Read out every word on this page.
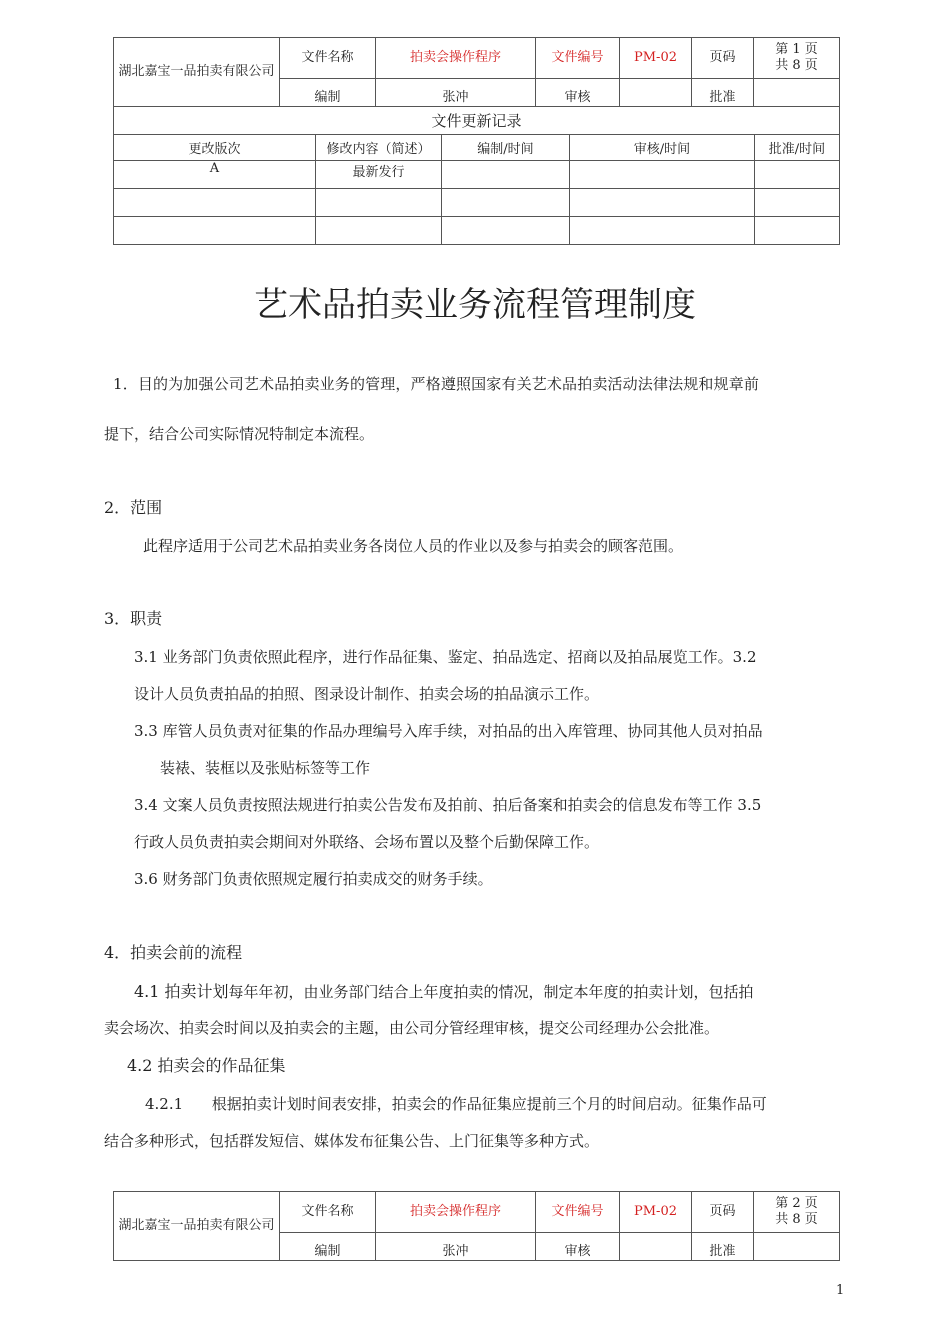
湖北嘉宝一品拍卖有限公司	文件名称	拍卖会操作程序	文件编号	PM-02	页码	第 1 页
共 8 页
	编制	张冲	审核		批准	
文件更新记录				
更改版次	修改内容（简述）	编制/时间	审核/时间	批准/时间
A	最新发行			

艺术品拍卖业务流程管理制度

1．目的为加强公司艺术品拍卖业务的管理，严格遵照国家有关艺术品拍卖活动法律法规和规章前

提下，结合公司实际情况特制定本流程。

2．范围

此程序适用于公司艺术品拍卖业务各岗位人员的作业以及参与拍卖会的顾客范围。

3．职责

3.1 业务部门负责依照此程序，进行作品征集、鉴定、拍品选定、招商以及拍品展览工作。3.2

设计人员负责拍品的拍照、图录设计制作、拍卖会场的拍品演示工作。

3.3 库管人员负责对征集的作品办理编号入库手续，对拍品的出入库管理、协同其他人员对拍品

装裱、装框以及张贴标签等工作

3.4 文案人员负责按照法规进行拍卖公告发布及拍前、拍后备案和拍卖会的信息发布等工作 3.5

行政人员负责拍卖会期间对外联络、会场布置以及整个后勤保障工作。

3.6 财务部门负责依照规定履行拍卖成交的财务手续。

4．拍卖会前的流程

4.1 拍卖计划每年年初，由业务部门结合上年度拍卖的情况，制定本年度的拍卖计划，包括拍

卖会场次、拍卖会时间以及拍卖会的主题，由公司分管经理审核，提交公司经理办公会批准。

4.2 拍卖会的作品征集

4.2.1      根据拍卖计划时间表安排，拍卖会的作品征集应提前三个月的时间启动。征集作品可

结合多种形式，包括群发短信、媒体发布征集公告、上门征集等多种方式。

湖北嘉宝一品拍卖有限公司	文件名称	拍卖会操作程序	文件编号	PM-02	页码	第 2 页
共 8 页
	编制	张冲	审核		批准	
1
